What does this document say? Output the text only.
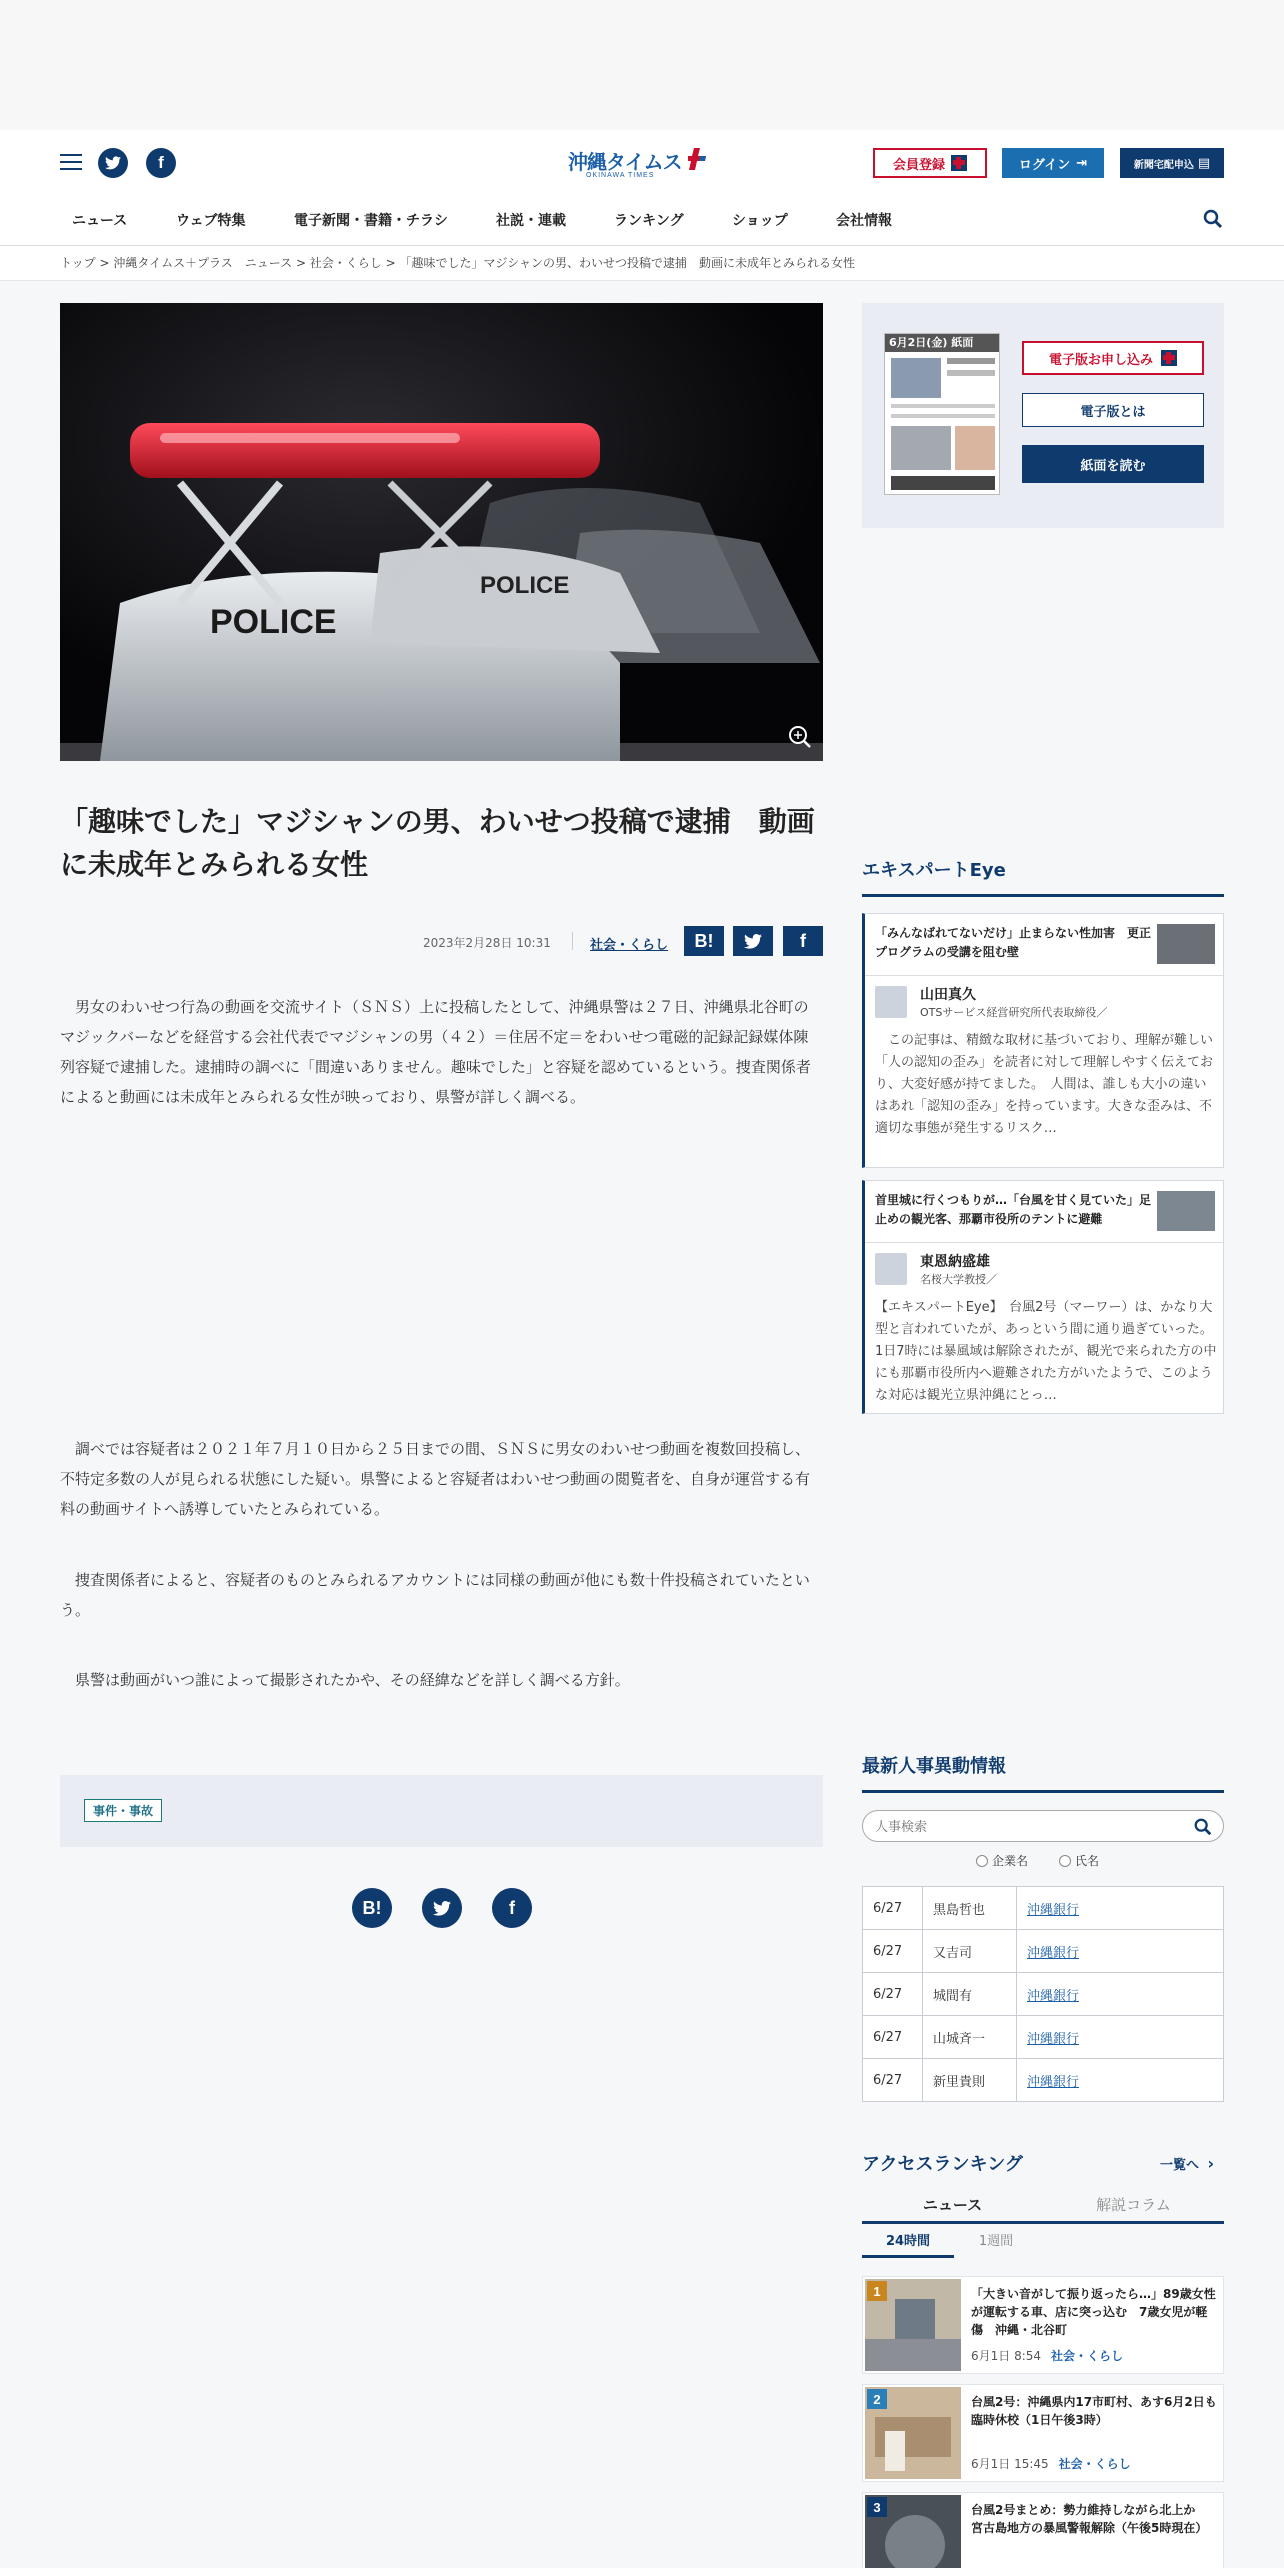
f	沖縄タイムス
OKINAWA TIMES
会員登録	ログイン ⇥	新聞宅配申込 ▤
ニュース	ウェブ特集	電子新聞・書籍・チラシ	社説・連載	ランキング	ショップ	会社情報
トップ > 沖縄タイムス＋プラス　ニュース > 社会・くらし > 「趣味でした」マジシャンの男、わいせつ投稿で逮捕　動画に未成年とみられる女性
POLICE
POLICE
「趣味でした」マジシャンの男、わいせつ投稿で逮捕　動画に未成年とみられる女性
2023年2月28日 10:31	社会・くらし	B!	f

男女のわいせつ行為の動画を交流サイト（ＳＮＳ）上に投稿したとして、沖縄県警は２７日、沖縄県北谷町のマジックバーなどを経営する会社代表でマジシャンの男（４２）＝住居不定＝をわいせつ電磁的記録記録媒体陳列容疑で逮捕した。逮捕時の調べに「間違いありません。趣味でした」と容疑を認めているという。捜査関係者によると動画には未成年とみられる女性が映っており、県警が詳しく調べる。

調べでは容疑者は２０２１年７月１０日から２５日までの間、ＳＮＳに男女のわいせつ動画を複数回投稿し、不特定多数の人が見られる状態にした疑い。県警によると容疑者はわいせつ動画の閲覧者を、自身が運営する有料の動画サイトへ誘導していたとみられている。

捜査関係者によると、容疑者のものとみられるアカウントには同様の動画が他にも数十件投稿されていたという。

県警は動画がいつ誰によって撮影されたかや、その経緯などを詳しく調べる方針。

事件・事故
B!	f
6月2日(金) 紙面
電子版お申し込み
電子版とは
紙面を読む
エキスパートEye
「みんなばれてないだけ」止まらない性加害　更正プログラムの受講を阻む壁
山田真久
OTSサービス経営研究所代表取締役／
この記事は、精緻な取材に基づいており、理解が難しい「人の認知の歪み」を読者に対して理解しやすく伝えており、大変好感が持てました。　人間は、誰しも大小の違いはあれ「認知の歪み」を持っています。大きな歪みは、不適切な事態が発生するリスク…
首里城に行くつもりが…「台風を甘く見ていた」足止めの観光客、那覇市役所のテントに避難
東恩納盛雄
名桜大学教授／
【エキスパートEye】　台風2号（マーワー）は、かなり大型と言われていたが、あっという間に通り過ぎていった。1日7時には暴風域は解除されたが、観光で来られた方の中にも那覇市役所内へ避難された方がいたようで、このような対応は観光立県沖縄にとっ…
最新人事異動情報
人事検索
企業名	氏名
6/27	黒島哲也	沖縄銀行
6/27	又吉司	沖縄銀行
6/27	城間有	沖縄銀行
6/27	山城斉一	沖縄銀行
6/27	新里貴則	沖縄銀行
アクセスランキング	一覧へ ›
ニュース	解説コラム
24時間	1週間
1	「大きい音がして振り返ったら…」89歳女性が運転する車、店に突っ込む　7歳女児が軽傷　沖縄・北谷町
6月1日 8:54 社会・くらし
2	台風2号：沖縄県内17市町村、あす6月2日も臨時休校（1日午後3時）
6月1日 15:45 社会・くらし
3	台風2号まとめ：勢力維持しながら北上か　宮古島地方の暴風警報解除（午後5時現在）
